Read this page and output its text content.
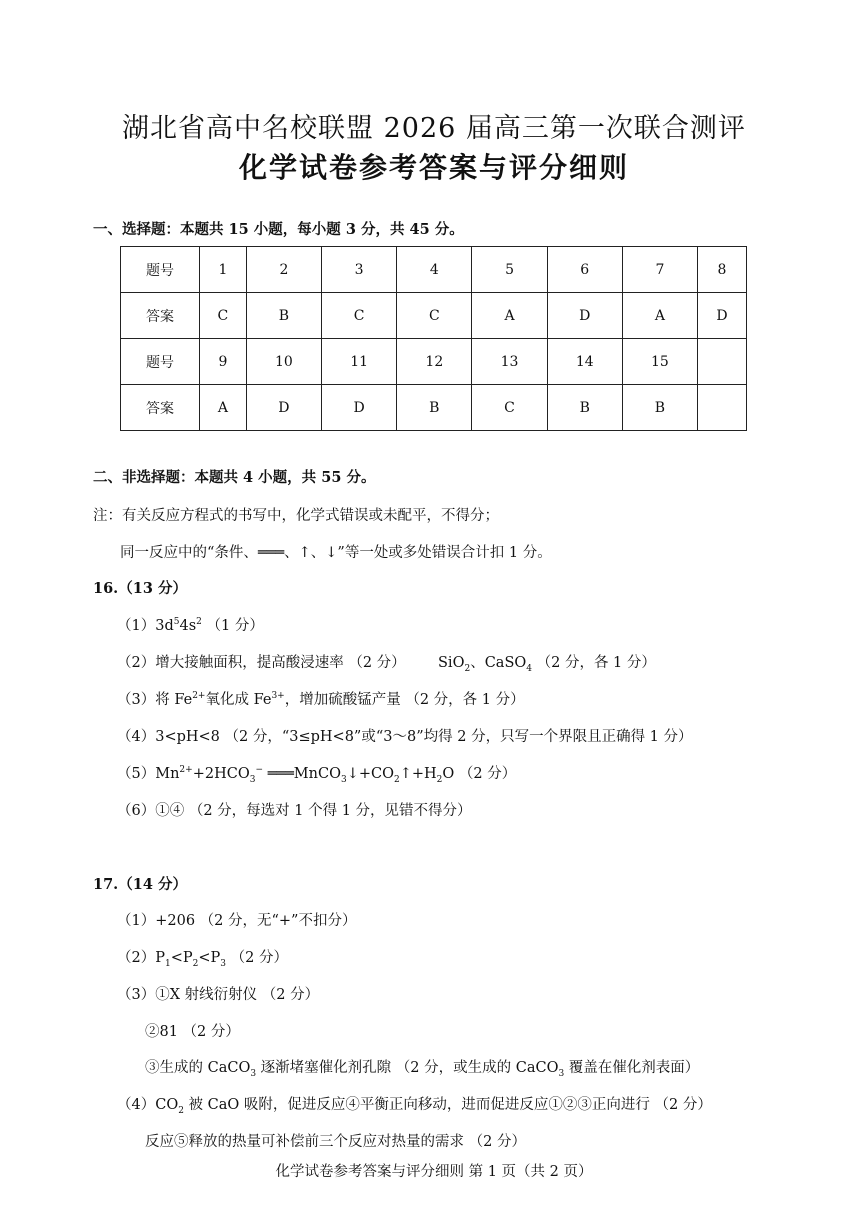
湖北省高中名校联盟 2026 届高三第一次联合测评
化学试卷参考答案与评分细则
一、选择题：本题共 15 小题，每小题 3 分，共 45 分。
题号	1	2	3	4	5	6	7	8
答案	C	B	C	C	A	D	A	D
题号	9	10	11	12	13	14	15	
答案	A	D	D	B	C	B	B	
二、非选择题：本题共 4 小题，共 55 分。
注：有关反应方程式的书写中，化学式错误或未配平，不得分；
同一反应中的“条件、═══、↑、↓”等一处或多处错误合计扣 1 分。
16.（13 分）
$(1)3d^54s^2$ （1 分）
（2）增大接触面积，提高酸浸速率 （2 分） SiO$_2$、CaSO$_4$ （2 分，各 1 分）
（3）将 $Fe^{2+}$氧化成 $Fe^{3+}$，增加硫酸锰产量 （2 分，各 1 分）
（4）3<pH<8 （2 分，“3≤pH<8”或“3～8”均得 2 分，只写一个界限且正确得 1 分）
$(5)Mn^{2+}+2HCO_3^-$ $═══MnCO_3↓+CO_2↑+H_2O$ （2 分）
（6）①④ （2 分，每选对 1 个得 1 分，见错不得分）
17.（14 分）
（1）+206 （2 分，无“+”不扣分）
$(2)P_1<P_2<P_3$ （2 分）
（3）①X 射线衍射仪 （2 分）
②81 （2 分）
③生成的 CaCO$_3$ 逐渐堵塞催化剂孔隙 （2 分，或生成的 CaCO$_3$ 覆盖在催化剂表面）
$(4)CO_2$ 被 CaO 吸附，促进反应④平衡正向移动，进而促进反应①②③正向进行 （2 分）
反应⑤释放的热量可补偿前三个反应对热量的需求 （2 分）
化学试卷参考答案与评分细则 第 1 页（共 2 页）
